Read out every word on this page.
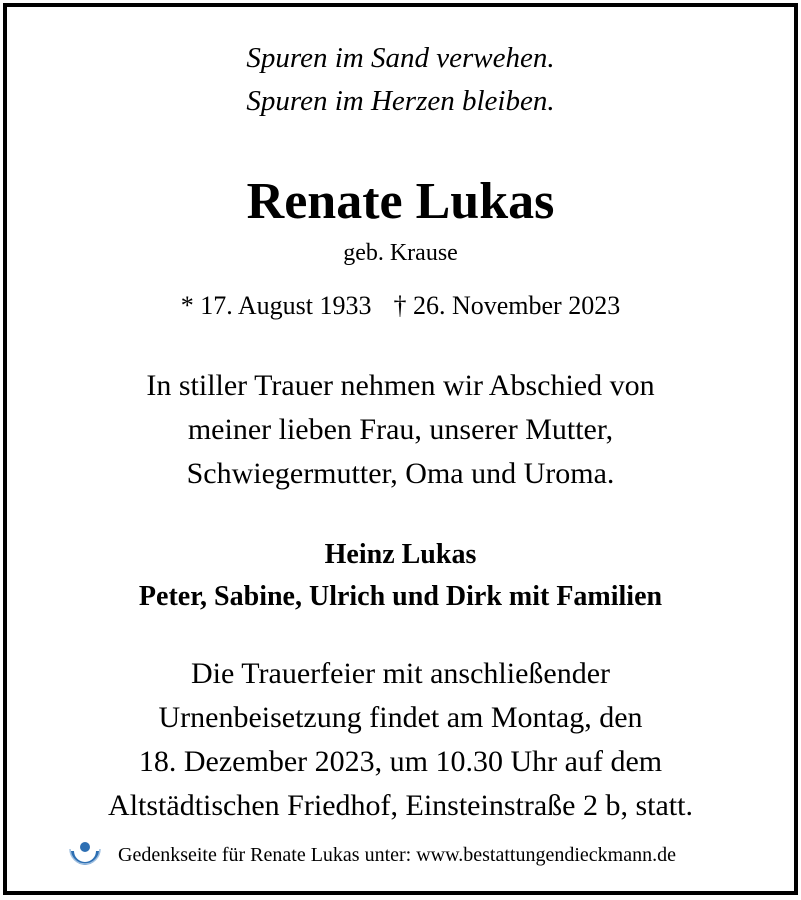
Spuren im Sand verwehen.
Spuren im Herzen bleiben.
Renate Lukas
geb. Krause
* 17. August 1933 † 26. November 2023
In stiller Trauer nehmen wir Abschied von
meiner lieben Frau, unserer Mutter,
Schwiegermutter, Oma und Uroma.
Heinz Lukas
Peter, Sabine, Ulrich und Dirk mit Familien
Die Trauerfeier mit anschließender
Urnenbeisetzung findet am Montag, den
18. Dezember 2023, um 10.30 Uhr auf dem
Altstädtischen Friedhof, Einsteinstraße 2 b, statt.
Gedenkseite für Renate Lukas unter: www.bestattungendieckmann.de
